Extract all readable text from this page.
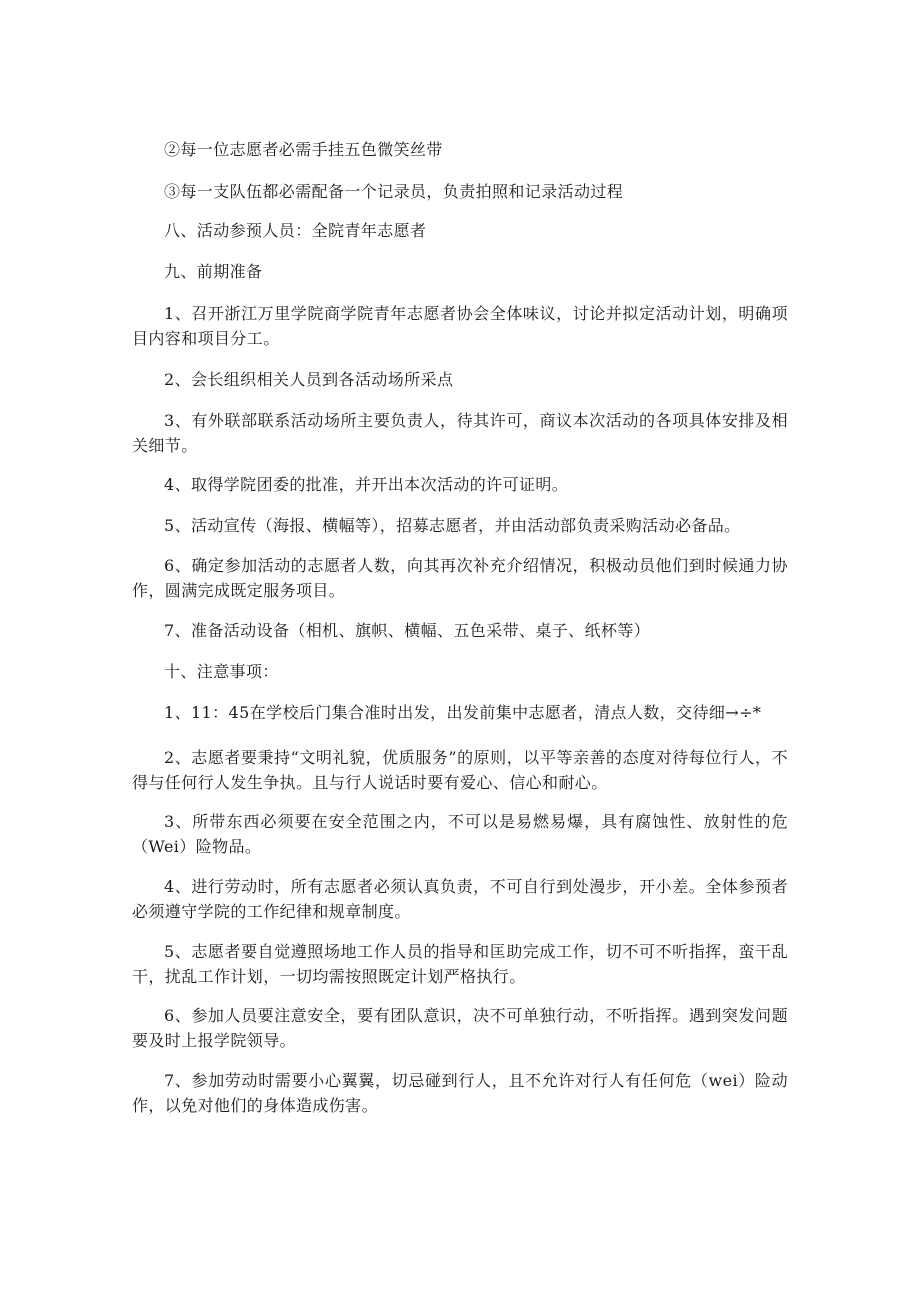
②每一位志愿者必需手挂五色微笑丝带

③每一支队伍都必需配备一个记录员，负责拍照和记录活动过程

八、活动参预人员：全院青年志愿者

九、前期准备

1、召开浙江万里学院商学院青年志愿者协会全体味议，讨论并拟定活动计划，明确项目内容和项目分工。

2、会长组织相关人员到各活动场所采点

3、有外联部联系活动场所主要负责人，待其许可，商议本次活动的各项具体安排及相关细节。

4、取得学院团委的批准，并开出本次活动的许可证明。

5、活动宣传（海报、横幅等），招募志愿者，并由活动部负责采购活动必备品。

6、确定参加活动的志愿者人数，向其再次补充介绍情况，积极动员他们到时候通力协作，圆满完成既定服务项目。

7、准备活动设备（相机、旗帜、横幅、五色采带、桌子、纸杯等）

十、注意事项：

1、11：45在学校后门集合准时出发，出发前集中志愿者，清点人数，交待细→÷*

2、志愿者要秉持“文明礼貌，优质服务”的原则，以平等亲善的态度对待每位行人，不得与任何行人发生争执。且与行人说话时要有爱心、信心和耐心。

3、所带东西必须要在安全范围之内，不可以是易燃易爆，具有腐蚀性、放射性的危（Wei）险物品。

4、进行劳动时，所有志愿者必须认真负责，不可自行到处漫步，开小差。全体参预者必须遵守学院的工作纪律和规章制度。

5、志愿者要自觉遵照场地工作人员的指导和匡助完成工作，切不可不听指挥，蛮干乱干，扰乱工作计划，一切均需按照既定计划严格执行。

6、参加人员要注意安全，要有团队意识，决不可单独行动，不听指挥。遇到突发问题要及时上报学院领导。

7、参加劳动时需要小心翼翼，切忌碰到行人，且不允许对行人有任何危（wei）险动作，以免对他们的身体造成伤害。
